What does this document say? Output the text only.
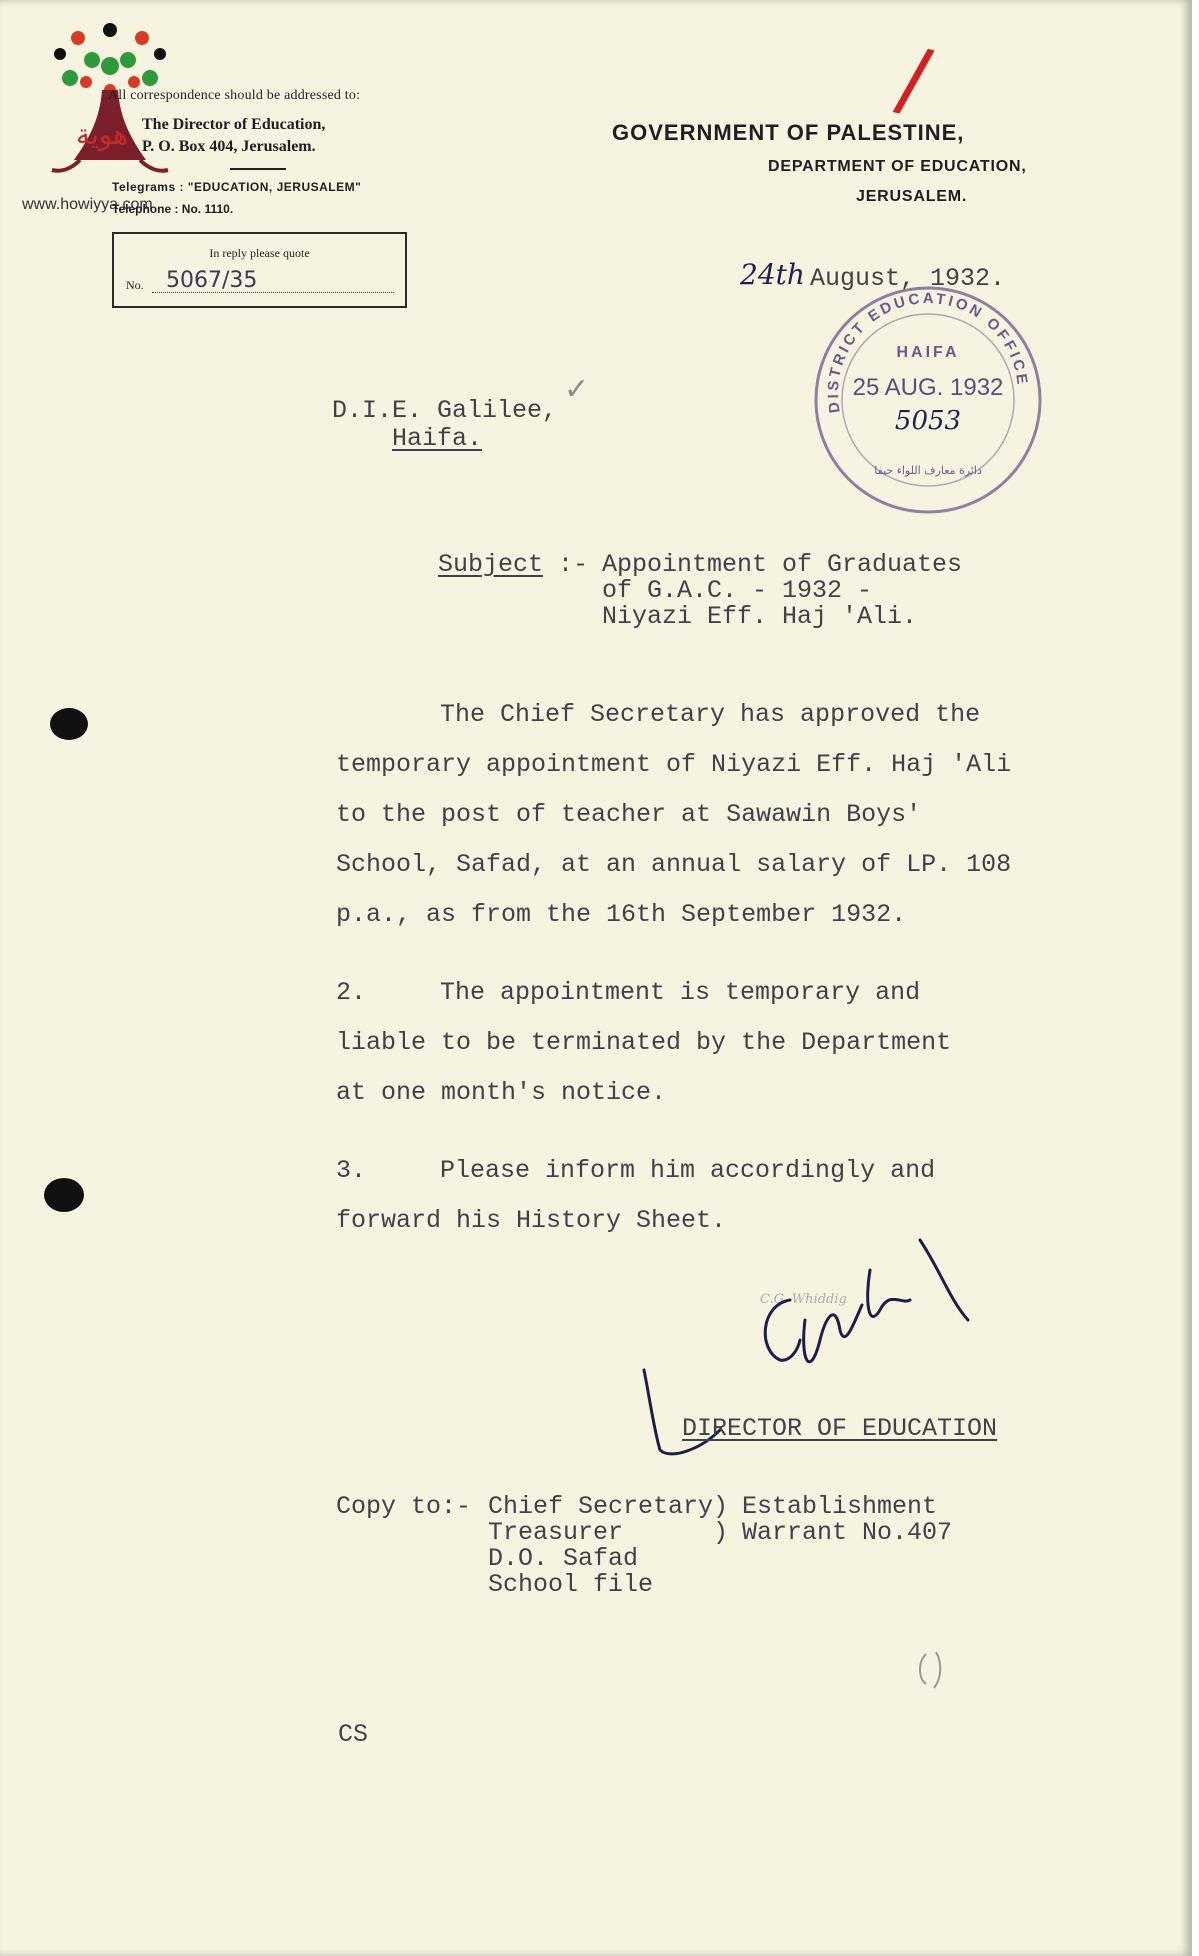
هوية
www.howiyya.com
All correspondence should be addressed to:
The Director of Education,
P. O. Box 404, Jerusalem.
Telegrams : "EDUCATION, JERUSALEM"
Telephone : No. 1110.
In reply please quote
No. 5067/35
GOVERNMENT OF PALESTINE,
DEPARTMENT OF EDUCATION,
JERUSALEM.
/
24th August, 1932.
DISTRICT EDUCATION OFFICE
HAIFA
25 AUG. 1932
5053
دائرة معارف اللواء حيفا
D.I.E. Galilee,
Haifa.
✓
Subject :- Appointment of Graduates
of G.A.C. - 1932 -
Niyazi Eff. Haj 'Ali.
The Chief Secretary has approved the
temporary appointment of Niyazi Eff. Haj 'Ali
to the post of teacher at Sawawin Boys'
School, Safad, at an annual salary of LP. 108
p.a., as from the 16th September 1932.
2.	The appointment is temporary and
liable to be terminated by the Department
at one month's notice.
3.	Please inform him accordingly and
forward his History Sheet.
C.G. Whiddig
DIRECTOR OF EDUCATION
Copy to:- Chief Secretary)
Treasurer      )
D.O. Safad
School file
Establishment
Warrant No.407
CS
